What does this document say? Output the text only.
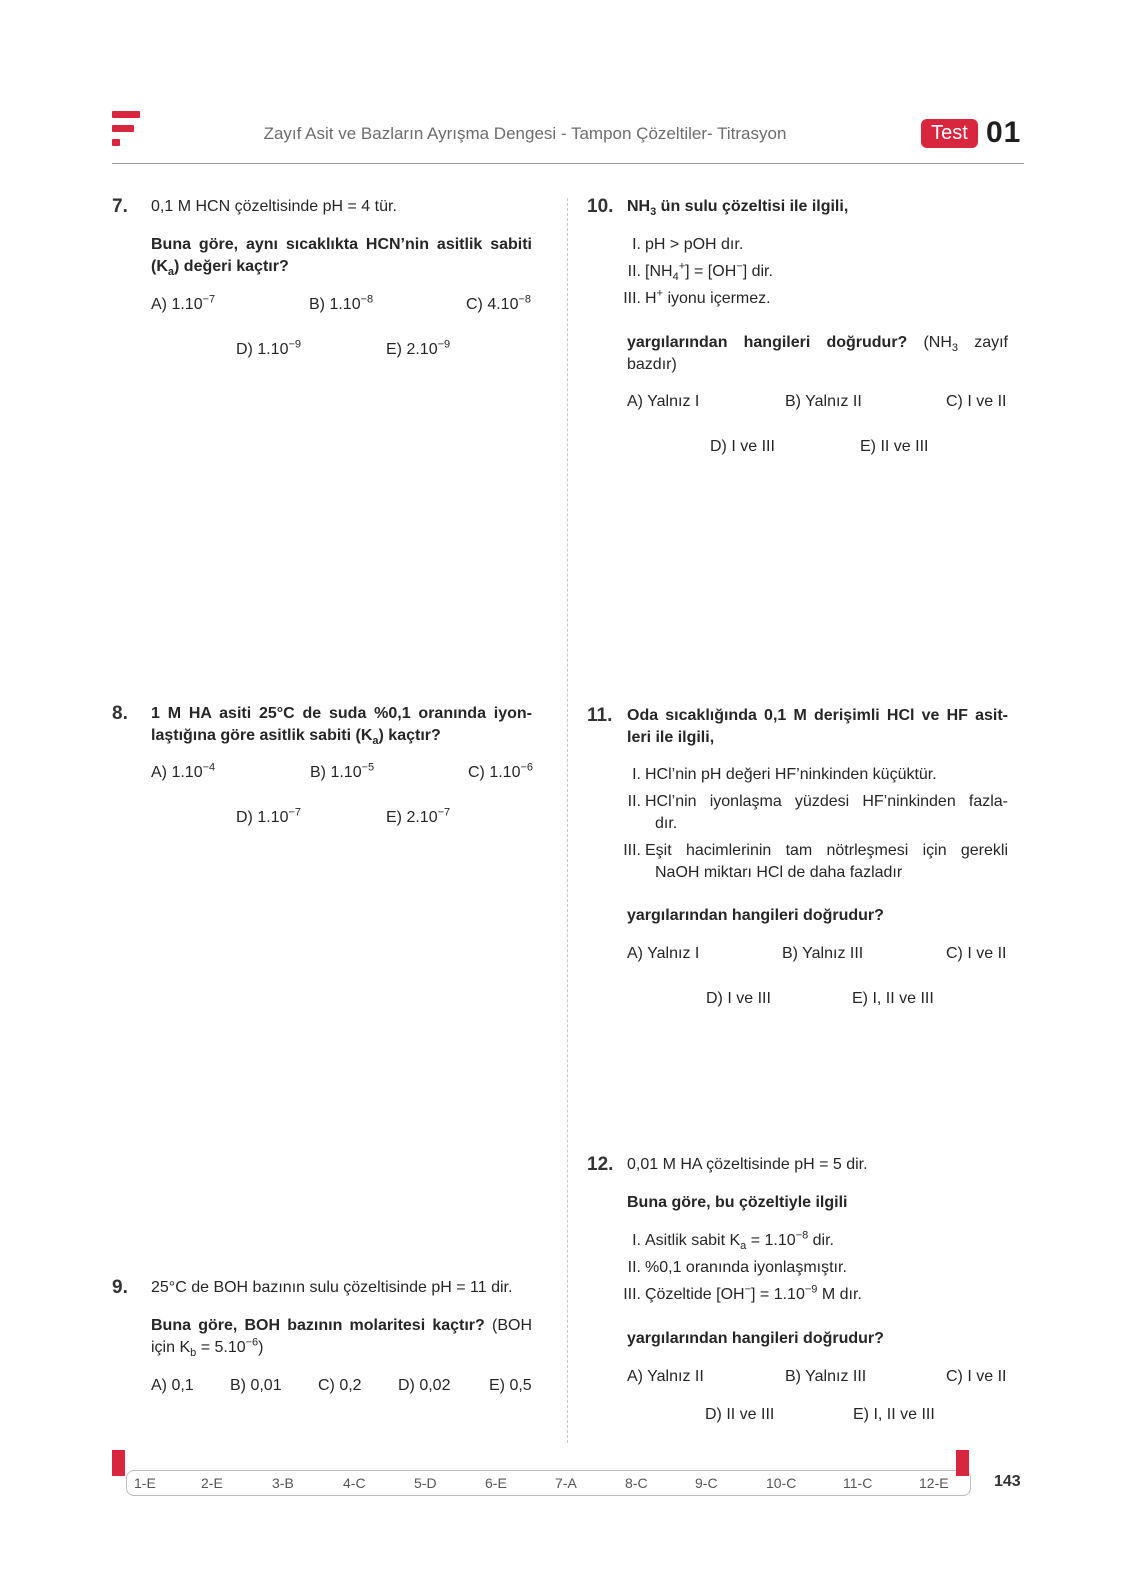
Zayıf Asit ve Bazların Ayrışma Dengesi - Tampon Çözeltiler- Titrasyon	Test 01
7. 0,1 M HCN çözeltisinde pH = 4 tür.
Buna göre, aynı sıcaklıkta HCN’nin asitlik sabiti
$(K_a)$ değeri kaçtır?
A) $1.10^{-7}$	B) $1.10^{-8}$	C) $4.10^{-8}$
D) $1.10^{-9}$	E) $2.10^{-9}$
8. 1 M HA asiti 25°C de suda %0,1 oranında iyon-
laştığına göre asitlik sabiti $(K_a)$ kaçtır?
A) $1.10^{-4}$	B) $1.10^{-5}$	C) $1.10^{-6}$
D) $1.10^{-7}$	E) $2.10^{-7}$
9. 25°C de BOH bazının sulu çözeltisinde pH = 11 dir.
Buna göre, BOH bazının molaritesi kaçtır? (BOH
için $K_b = 5.10^{-6}$)
A) 0,1 B) 0,01 C) 0,2 D) 0,02 E) 0,5
10. $NH_3$ ün sulu çözeltisi ile ilgili,
I. pH > pOH dır.
II. $[NH_4^+] = [OH^-]$ dir.
III. H+ iyonu içermez.
yargılarından hangileri doğrudur? ($NH_3$ zayıf
bazdır)
A) Yalnız I	B) Yalnız II	C) I ve II
D) I ve III	E) II ve III
11. Oda sıcaklığında 0,1 M derişimli HCl ve HF asit-
leri ile ilgili,
I. HCl’nin pH değeri HF’ninkinden küçüktür.
II. HCl’nin iyonlaşma yüzdesi HF’ninkinden fazla-
dır.
III. Eşit hacimlerinin tam nötrleşmesi için gerekli
NaOH miktarı HCl de daha fazladır
yargılarından hangileri doğrudur?
A) Yalnız I	B) Yalnız III	C) I ve II
D) I ve III	E) I, II ve III
12. 0,01 M HA çözeltisinde pH = 5 dir.
Buna göre, bu çözeltiyle ilgili
I. Asitlik sabit $K_a = 1.10^{-8}$ dir.
II. %0,1 oranında iyonlaşmıştır.
III. Çözeltide $[OH^-] = 1.10^{-9}$ M dır.
yargılarından hangileri doğrudur?
A) Yalnız II	B) Yalnız III	C) I ve II
D) II ve III	E) I, II ve III
1-E	2-E	3-B	4-C	5-D	6-E	7-A	8-C	9-C	10-C	11-C	12-E	143
